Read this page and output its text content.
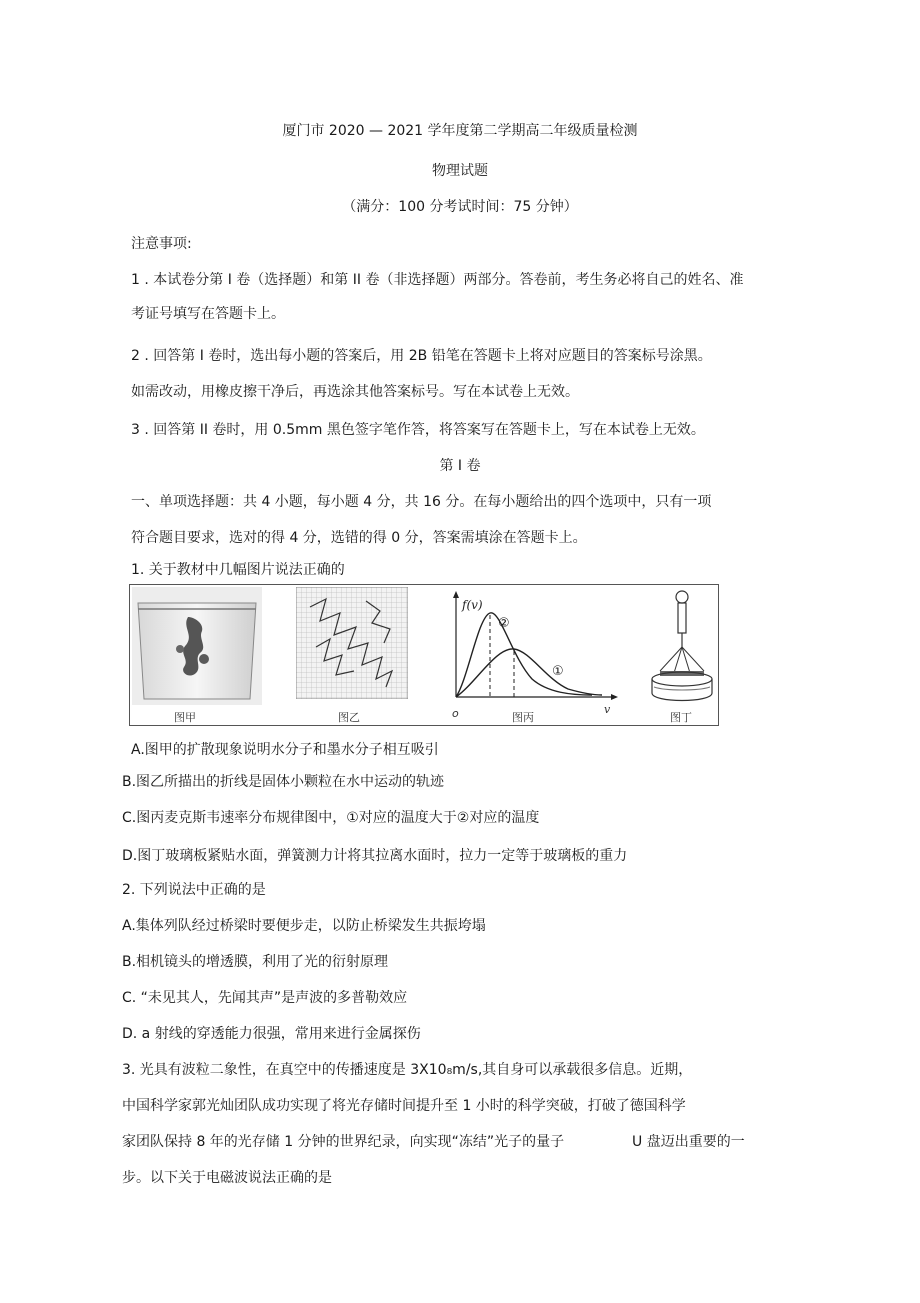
厦门市 2020 — 2021 学年度第二学期高二年级质量检测
物理试题
（满分：100 分考试时间：75 分钟）
注意事项:
1 . 本试卷分第 I 卷（选择题）和第 II 卷（非选择题）两部分。答卷前，考生务必将自己的姓名、准
考证号填写在答题卡上。
2 . 回答第 I 卷时，选出每小题的答案后，用 2B 铅笔在答题卡上将对应题目的答案标号涂黑。
如需改动，用橡皮擦干净后，再选涂其他答案标号。写在本试卷上无效。
3 . 回答第 II 卷时，用 0.5mm 黑色签字笔作答，将答案写在答题卡上，写在本试卷上无效。
第 I 卷
一、单项选择题：共 4 小题，每小题 4 分，共 16 分。在每小题给出的四个选项中，只有一项
符合题目要求，选对的得 4 分，选错的得 0 分，答案需填涂在答题卡上。
1. 关于教材中几幅图片说法正确的
图甲	图乙
f(v)
②
①
o	图丙
v
图丁
A.图甲的扩散现象说明水分子和墨水分子相互吸引
B.图乙所描出的折线是固体小颗粒在水中运动的轨迹
C.图丙麦克斯韦速率分布规律图中，①对应的温度大于②对应的温度
D.图丁玻璃板紧贴水面，弹簧测力计将其拉离水面时，拉力一定等于玻璃板的重力
2. 下列说法中正确的是
A.集体列队经过桥梁时要便步走，以防止桥梁发生共振垮塌
B.相机镜头的增透膜，利用了光的衍射原理
C. “未见其人，先闻其声”是声波的多普勒效应
D. a 射线的穿透能力很强，常用来进行金属探伤
3. 光具有波粒二象性，在真空中的传播速度是 3X10₈m/s,其自身可以承载很多信息。近期，
中国科学家郭光灿团队成功实现了将光存储时间提升至 1 小时的科学突破，打破了德国科学
家团队保持 8 年的光存储 1 分钟的世界纪录，向实现“冻结”光子的量子	U 盘迈出重要的一
步。以下关于电磁波说法正确的是
